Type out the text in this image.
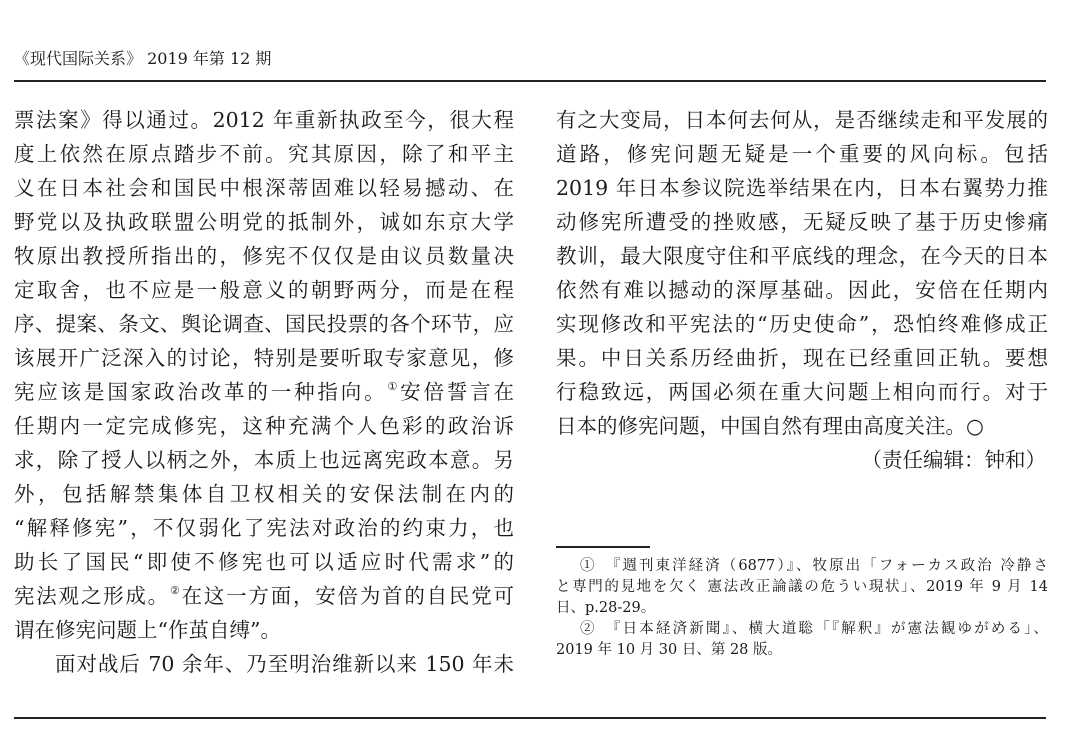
《现代国际关系》 2019 年第 12 期
票法案》得以通过。2012 年重新执政至今，很大程
度上依然在原点踏步不前。究其原因，除了和平主
义在日本社会和国民中根深蒂固难以轻易撼动、在
野党以及执政联盟公明党的抵制外，诚如东京大学
牧原出教授所指出的，修宪不仅仅是由议员数量决
定取舍，也不应是一般意义的朝野两分，而是在程
序、提案、条文、舆论调查、国民投票的各个环节，应
该展开广泛深入的讨论，特别是要听取专家意见，修
宪应该是国家政治改革的一种指向。①安倍誓言在
任期内一定完成修宪，这种充满个人色彩的政治诉
求，除了授人以柄之外，本质上也远离宪政本意。另
外，包括解禁集体自卫权相关的安保法制在内的
“解释修宪”，不仅弱化了宪法对政治的约束力，也
助长了国民“即使不修宪也可以适应时代需求”的
宪法观之形成。②在这一方面，安倍为首的自民党可
谓在修宪问题上“作茧自缚”。
面对战后 70 余年、乃至明治维新以来 150 年未
有之大变局，日本何去何从，是否继续走和平发展的
道路，修宪问题无疑是一个重要的风向标。包括
2019 年日本参议院选举结果在内，日本右翼势力推
动修宪所遭受的挫败感，无疑反映了基于历史惨痛
教训，最大限度守住和平底线的理念，在今天的日本
依然有难以撼动的深厚基础。因此，安倍在任期内
实现修改和平宪法的“历史使命”，恐怕终难修成正
果。中日关系历经曲折，现在已经重回正轨。要想
行稳致远，两国必须在重大问题上相向而行。对于
日本的修宪问题，中国自然有理由高度关注。○
（责任编辑：钟和）
①　『週刊東洋経済（6877）』、牧原出「フォーカス政治 冷静さ
と専門的見地を欠く 憲法改正論議の危うい現状」、2019 年 9 月 14
日、p.28-29。
②　『日本経済新聞』、横大道聡「『解釈』が憲法観ゆがめる」、
2019 年 10 月 30 日、第 28 版。
